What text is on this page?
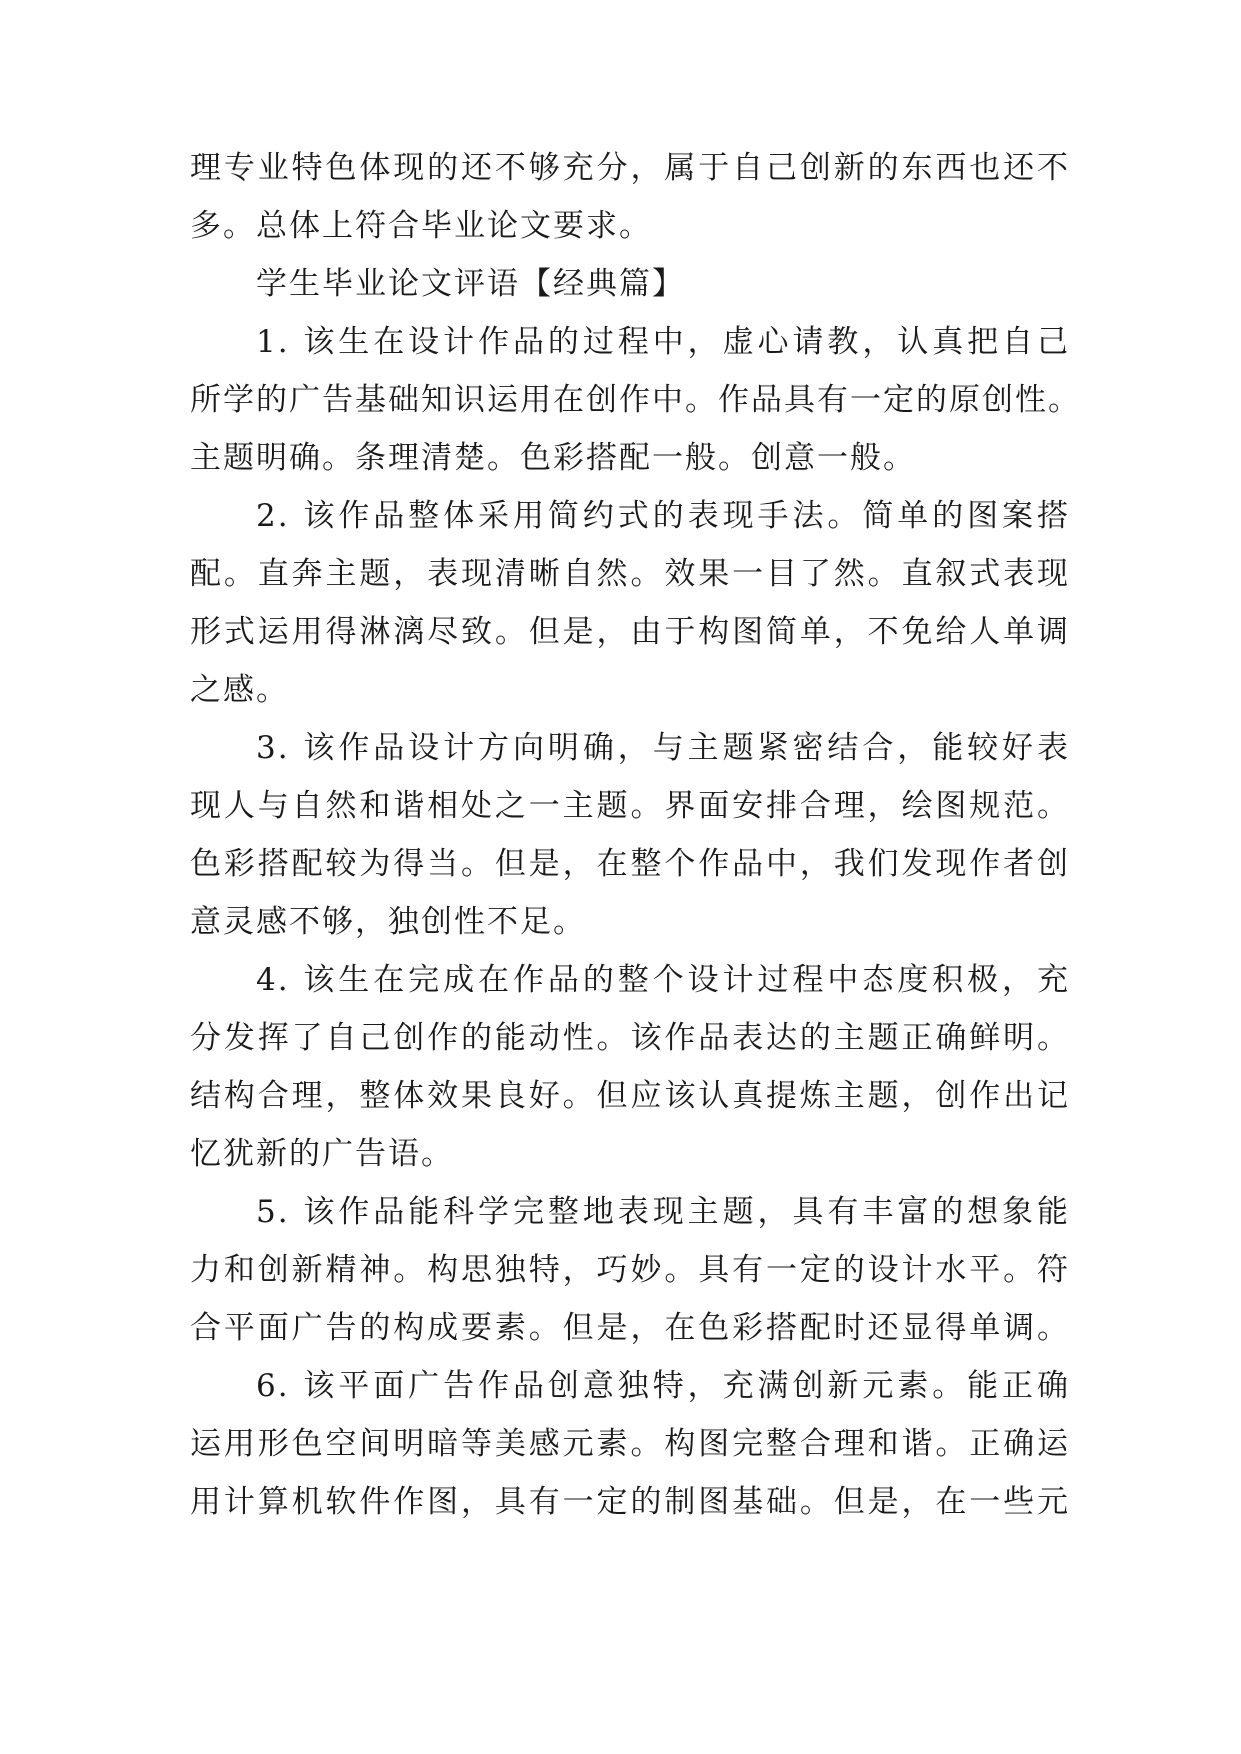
理专业特色体现的还不够充分，属于自己创新的东西也还不
多。总体上符合毕业论文要求。
学生毕业论文评语【经典篇】
1. 该生在设计作品的过程中，虚心请教，认真把自己
所学的广告基础知识运用在创作中。作品具有一定的原创性。
主题明确。条理清楚。色彩搭配一般。创意一般。
2. 该作品整体采用简约式的表现手法。简单的图案搭
配。直奔主题，表现清晰自然。效果一目了然。直叙式表现
形式运用得淋漓尽致。但是，由于构图简单，不免给人单调
之感。
3. 该作品设计方向明确，与主题紧密结合，能较好表
现人与自然和谐相处之一主题。界面安排合理，绘图规范。
色彩搭配较为得当。但是，在整个作品中，我们发现作者创
意灵感不够，独创性不足。
4. 该生在完成在作品的整个设计过程中态度积极，充
分发挥了自己创作的能动性。该作品表达的主题正确鲜明。
结构合理，整体效果良好。但应该认真提炼主题，创作出记
忆犹新的广告语。
5. 该作品能科学完整地表现主题，具有丰富的想象能
力和创新精神。构思独特，巧妙。具有一定的设计水平。符
合平面广告的构成要素。但是，在色彩搭配时还显得单调。
6. 该平面广告作品创意独特，充满创新元素。能正确
运用形色空间明暗等美感元素。构图完整合理和谐。正确运
用计算机软件作图，具有一定的制图基础。但是，在一些元
